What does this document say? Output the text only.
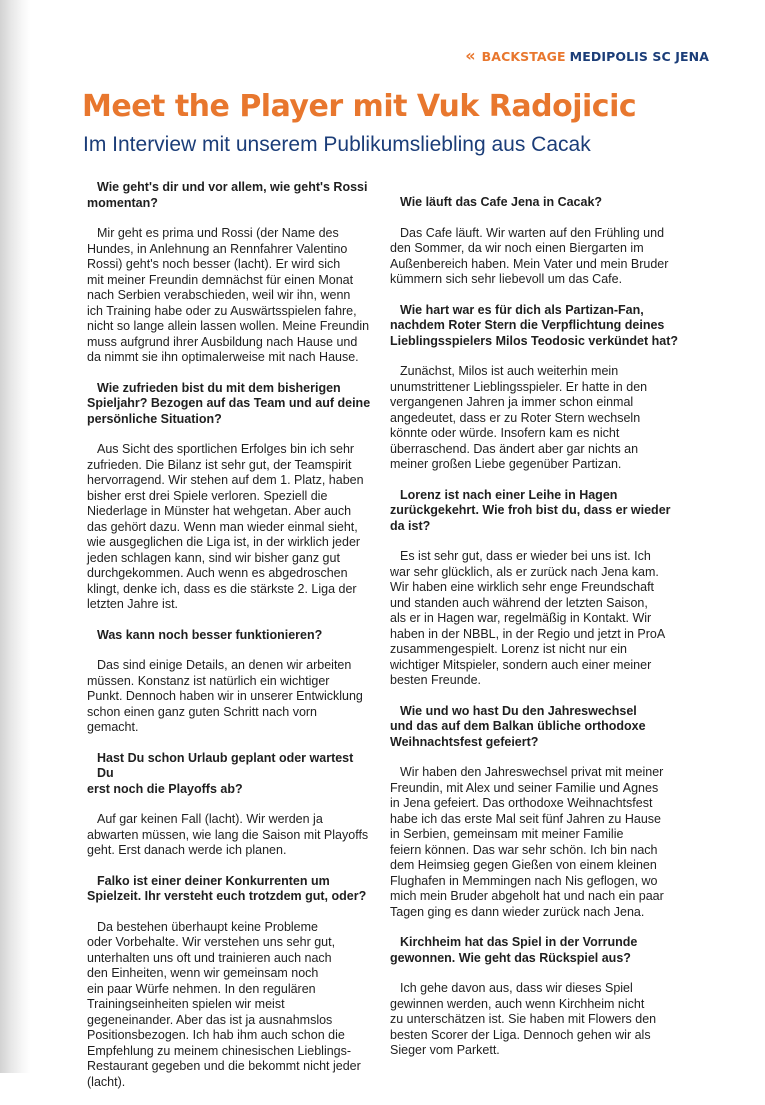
« BACKSTAGE MEDIPOLIS SC JENA
Meet the Player mit Vuk Radojicic
Im Interview mit unserem Publikumsliebling aus Cacak
Wie geht's dir und vor allem, wie geht's Rossi
momentan?
Mir geht es prima und Rossi (der Name des
Hundes, in Anlehnung an Rennfahrer Valentino
Rossi) geht's noch besser (lacht). Er wird sich
mit meiner Freundin demnächst für einen Monat
nach Serbien verabschieden, weil wir ihn, wenn
ich Training habe oder zu Auswärtsspielen fahre,
nicht so lange allein lassen wollen. Meine Freundin
muss aufgrund ihrer Ausbildung nach Hause und
da nimmt sie ihn optimalerweise mit nach Hause.
Wie zufrieden bist du mit dem bisherigen
Spieljahr? Bezogen auf das Team und auf deine
persönliche Situation?
Aus Sicht des sportlichen Erfolges bin ich sehr
zufrieden. Die Bilanz ist sehr gut, der Teamspirit
hervorragend. Wir stehen auf dem 1. Platz, haben
bisher erst drei Spiele verloren. Speziell die
Niederlage in Münster hat wehgetan. Aber auch
das gehört dazu. Wenn man wieder einmal sieht,
wie ausgeglichen die Liga ist, in der wirklich jeder
jeden schlagen kann, sind wir bisher ganz gut
durchgekommen. Auch wenn es abgedroschen
klingt, denke ich, dass es die stärkste 2. Liga der
letzten Jahre ist.
Was kann noch besser funktionieren?
Das sind einige Details, an denen wir arbeiten
müssen. Konstanz ist natürlich ein wichtiger
Punkt. Dennoch haben wir in unserer Entwicklung
schon einen ganz guten Schritt nach vorn
gemacht.
Hast Du schon Urlaub geplant oder wartest Du
erst noch die Playoffs ab?
Auf gar keinen Fall (lacht). Wir werden ja
abwarten müssen, wie lang die Saison mit Playoffs
geht. Erst danach werde ich planen.
Falko ist einer deiner Konkurrenten um
Spielzeit. Ihr versteht euch trotzdem gut, oder?
Da bestehen überhaupt keine Probleme
oder Vorbehalte. Wir verstehen uns sehr gut,
unterhalten uns oft und trainieren auch nach
den Einheiten, wenn wir gemeinsam noch
ein paar Würfe nehmen. In den regulären
Trainingseinheiten spielen wir meist
gegeneinander. Aber das ist ja ausnahmslos
Positionsbezogen. Ich hab ihm auch schon die
Empfehlung zu meinem chinesischen Lieblings-
Restaurant gegeben und die bekommt nicht jeder
(lacht).
Wie läuft das Cafe Jena in Cacak?
Das Cafe läuft. Wir warten auf den Frühling und
den Sommer, da wir noch einen Biergarten im
Außenbereich haben. Mein Vater und mein Bruder
kümmern sich sehr liebevoll um das Cafe.
Wie hart war es für dich als Partizan-Fan,
nachdem Roter Stern die Verpflichtung deines
Lieblingsspielers Milos Teodosic verkündet hat?
Zunächst, Milos ist auch weiterhin mein
unumstrittener Lieblingsspieler. Er hatte in den
vergangenen Jahren ja immer schon einmal
angedeutet, dass er zu Roter Stern wechseln
könnte oder würde. Insofern kam es nicht
überraschend. Das ändert aber gar nichts an
meiner großen Liebe gegenüber Partizan.
Lorenz ist nach einer Leihe in Hagen
zurückgekehrt. Wie froh bist du, dass er wieder
da ist?
Es ist sehr gut, dass er wieder bei uns ist. Ich
war sehr glücklich, als er zurück nach Jena kam.
Wir haben eine wirklich sehr enge Freundschaft
und standen auch während der letzten Saison,
als er in Hagen war, regelmäßig in Kontakt. Wir
haben in der NBBL, in der Regio und jetzt in ProA
zusammengespielt. Lorenz ist nicht nur ein
wichtiger Mitspieler, sondern auch einer meiner
besten Freunde.
Wie und wo hast Du den Jahreswechsel
und das auf dem Balkan übliche orthodoxe
Weihnachtsfest gefeiert?
Wir haben den Jahreswechsel privat mit meiner
Freundin, mit Alex und seiner Familie und Agnes
in Jena gefeiert. Das orthodoxe Weihnachtsfest
habe ich das erste Mal seit fünf Jahren zu Hause
in Serbien, gemeinsam mit meiner Familie
feiern können. Das war sehr schön. Ich bin nach
dem Heimsieg gegen Gießen von einem kleinen
Flughafen in Memmingen nach Nis geflogen, wo
mich mein Bruder abgeholt hat und nach ein paar
Tagen ging es dann wieder zurück nach Jena.
Kirchheim hat das Spiel in der Vorrunde
gewonnen. Wie geht das Rückspiel aus?
Ich gehe davon aus, dass wir dieses Spiel
gewinnen werden, auch wenn Kirchheim nicht
zu unterschätzen ist. Sie haben mit Flowers den
besten Scorer der Liga. Dennoch gehen wir als
Sieger vom Parkett.
